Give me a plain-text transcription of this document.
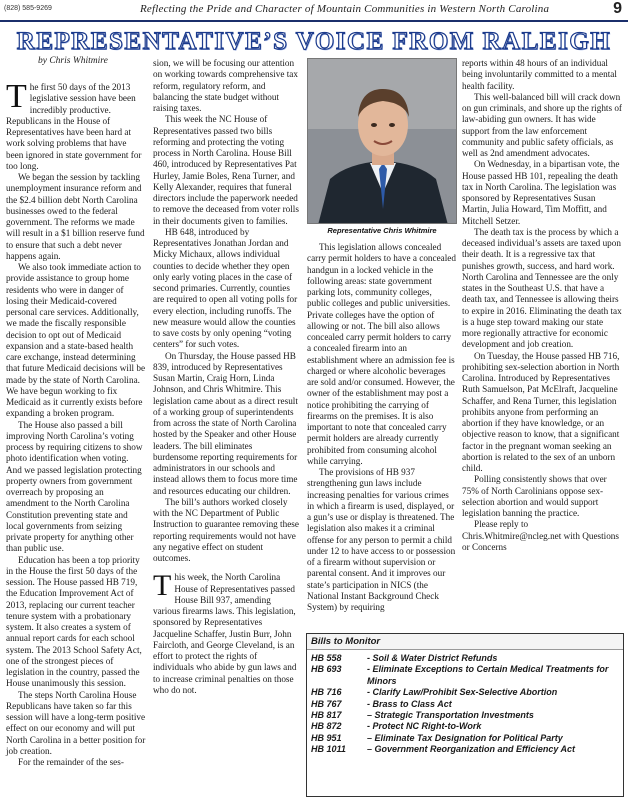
(828) 585-9269	Reflecting the Pride and Character of Mountain Communities in Western North Carolina	9
REPRESENTATIVE’S VOICE FROM RALEIGH
by Chris Whitmire

The first 50 days of the 2013 legislative session have been incredibly productive. Republicans in the House of Representatives have been hard at work solving problems that have been ignored in state government for too long.

We began the session by tackling unemployment insurance reform and the $2.4 billion debt North Carolina businesses owed to the federal government. The reforms we made will result in a $1 billion reserve fund to ensure that such a debt never happens again.

We also took immediate action to provide assistance to group home residents who were in danger of losing their Medicaid-covered personal care services. Additionally, we made the fiscally responsible decision to opt out of Medicaid expansion and a state-based health care exchange, instead determining that future Medicaid decisions will be made by the state of North Carolina. We have begun working to fix Medicaid as it currently exists before expanding a broken program.

The House also passed a bill improving North Carolina’s voting process by requiring citizens to show photo identification when voting. And we passed legislation protecting property owners from government overreach by proposing an amendment to the North Carolina Constitution preventing state and local governments from seizing private property for anything other than public use.

Education has been a top priority in the House the first 50 days of the session. The House passed HB 719, the Education Improvement Act of 2013, replacing our current teacher tenure system with a probationary system. It also creates a system of annual report cards for each school system. The 2013 School Safety Act, one of the strongest pieces of legislation in the country, passed the House unanimously this session.

The steps North Carolina House Republicans have taken so far this session will have a long-term positive effect on our economy and will put North Carolina in a better position for job creation.

For the remainder of the ses-

sion, we will be focusing our attention on working towards comprehensive tax reform, regulatory reform, and balancing the state budget without raising taxes.

This week the NC House of Representatives passed two bills reforming and protecting the voting process in North Carolina. House Bill 460, introduced by Representatives Pat Hurley, Jamie Boles, Rena Turner, and Kelly Alexander, requires that funeral directors include the paperwork needed to remove the deceased from voter rolls in their documents given to families.

HB 648, introduced by Representatives Jonathan Jordan and Micky Michaux, allows individual counties to decide whether they open only early voting places in the case of second primaries. Currently, counties are required to open all voting polls for every election, including runoffs. The new measure would allow the counties to save costs by only opening “voting centers” for such votes.

On Thursday, the House passed HB 839, introduced by Representatives Susan Martin, Craig Horn, Linda Johnson, and Chris Whitmire. This legislation came about as a direct result of a working group of superintendents from across the state of North Carolina hosted by the Speaker and other House leaders. The bill eliminates burdensome reporting requirements for administrators in our schools and instead allows them to focus more time and resources educating our children.

The bill’s authors worked closely with the NC Department of Public Instruction to guarantee removing these reporting requirements would not have any negative effect on student outcomes.

This week, the North Carolina House of Representatives passed House Bill 937, amending various firearms laws. This legislation, sponsored by Representatives Jacqueline Schaffer, Justin Burr, John Faircloth, and George Cleveland, is an effort to protect the rights of individuals who abide by gun laws and to increase criminal penalties on those who do not.

Representative Chris Whitmire

This legislation allows concealed carry permit holders to have a concealed handgun in a locked vehicle in the following areas: state government parking lots, community colleges, public colleges and public universities. Private colleges have the option of allowing or not. The bill also allows concealed carry permit holders to carry a concealed firearm into an establishment where an admission fee is charged or where alcoholic beverages are sold and/or consumed. However, the owner of the establishment may post a notice prohibiting the carrying of firearms on the premises. It is also important to note that concealed carry permit holders are already currently prohibited from consuming alcohol while carrying.

The provisions of HB 937 strengthening gun laws include increasing penalties for various crimes in which a firearm is used, displayed, or a gun’s use or display is threatened. The legislation also makes it a criminal offense for any person to permit a child under 12 to have access to or possession of a firearm without supervision or parental consent. And it improves our state’s participation in NICS (the National Instant Background Check System) by requiring

reports within 48 hours of an individual being involuntarily committed to a mental health facility.

This well-balanced bill will crack down on gun criminals, and shore up the rights of law-abiding gun owners. It has wide support from the law enforcement community and public safety officials, as well as 2nd amendment advocates.

On Wednesday, in a bipartisan vote, the House passed HB 101, repealing the death tax in North Carolina. The legislation was sponsored by Representatives Susan Martin, Julia Howard, Tim Moffitt, and Mitchell Setzer.

The death tax is the process by which a deceased individual’s assets are taxed upon their death. It is a regressive tax that punishes growth, success, and hard work. North Carolina and Tennessee are the only states in the Southeast U.S. that have a death tax, and Tennessee is allowing theirs to expire in 2016. Eliminating the death tax is a huge step toward making our state more regionally attractive for economic development and job creation.

On Tuesday, the House passed HB 716, prohibiting sex-selection abortion in North Carolina. Introduced by Representatives Ruth Samuelson, Pat McElraft, Jacqueline Schaffer, and Rena Turner, this legislation prohibits anyone from performing an abortion if they have knowledge, or an objective reason to know, that a significant factor in the pregnant woman seeking an abortion is related to the sex of an unborn child.

Polling consistently shows that over 75% of North Carolinians oppose sex-selection abortion and would support legislation banning the practice.

Please reply to Chris.Whitmire@ncleg.net with Questions or Concerns

Bills to Monitor
HB 558	- Soil & Water District Refunds
HB 693	- Eliminate Exceptions to Certain Medical Treatments for Minors
HB 716	- Clarify Law/Prohibit Sex-Selective Abortion
HB 767	- Brass to Class Act
HB 817	– Strategic Transportation Investments
HB 872	- Protect NC Right-to-Work
HB 951	– Eliminate Tax Designation for Political Party
HB 1011	– Government Reorganization and Efficiency Act
